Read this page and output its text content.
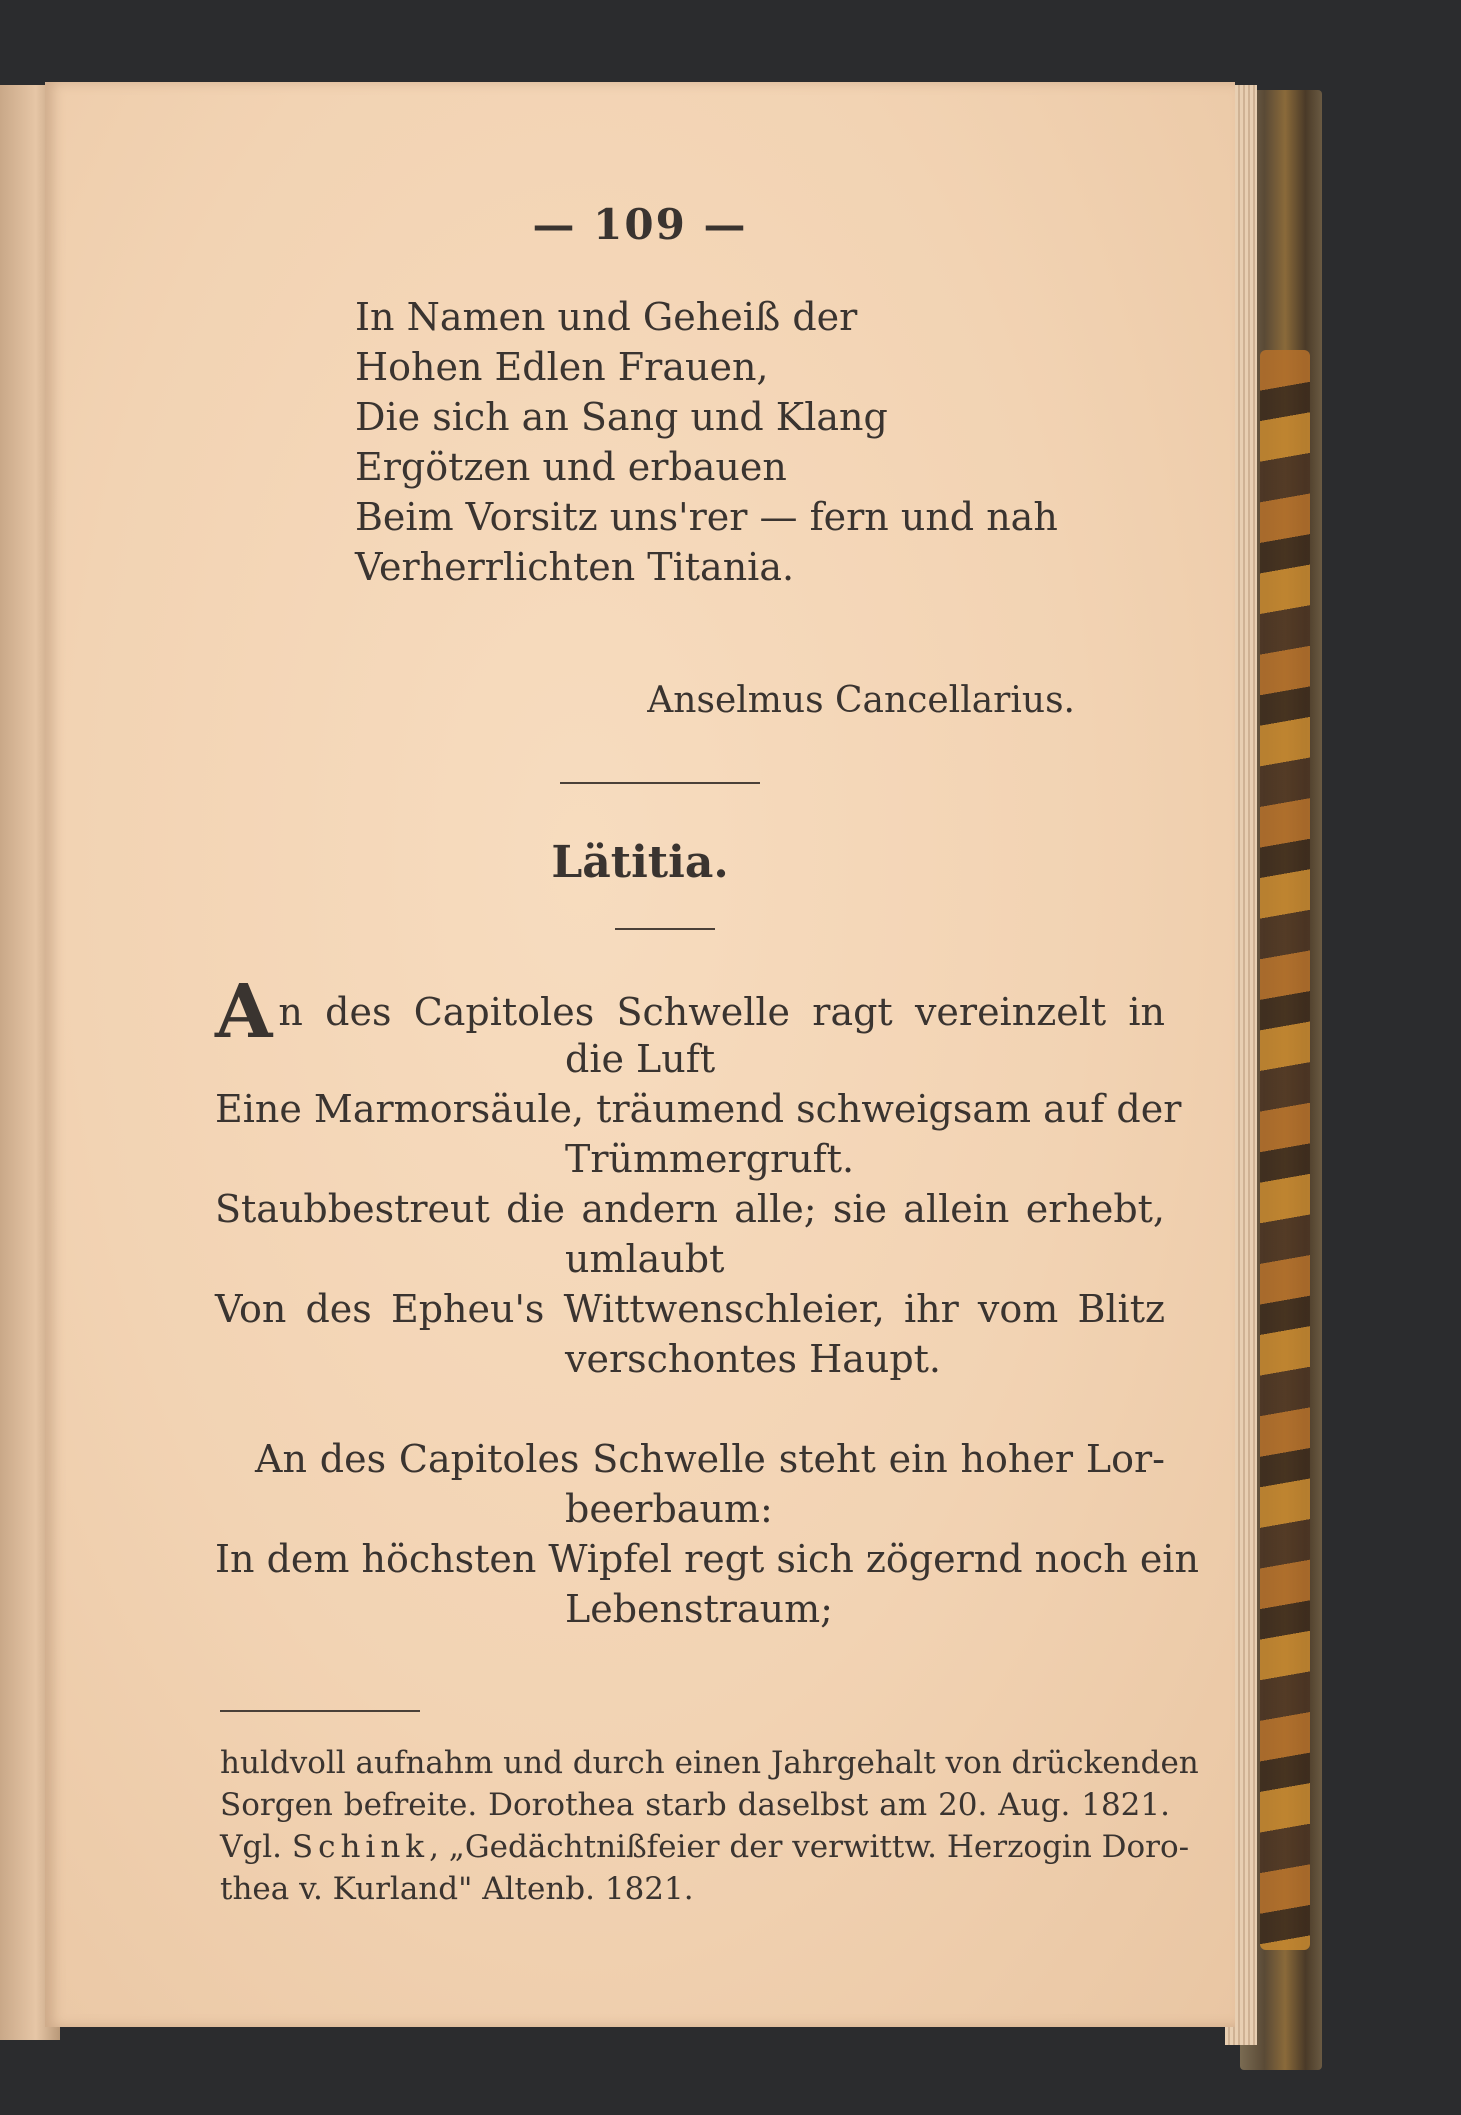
— 109 —
In Namen und Geheiß der
Hohen Edlen Frauen,
Die sich an Sang und Klang
Ergötzen und erbauen
Beim Vorsitz uns'rer — fern und nah
Verherrlichten Titania.
Anselmus Cancellarius.
Lätitia.
An des Capitoles Schwelle ragt vereinzelt in
die Luft
Eine Marmorsäule, träumend schweigsam auf der
Trümmergruft.
Staubbestreut die andern alle; sie allein erhebt,
umlaubt
Von des Epheu's Wittwenschleier, ihr vom Blitz
verschontes Haupt.
An des Capitoles Schwelle steht ein hoher Lor-
beerbaum:
In dem höchsten Wipfel regt sich zögernd noch ein
Lebenstraum;
huldvoll aufnahm und durch einen Jahrgehalt von drückenden
Sorgen befreite. Dorothea starb daselbst am 20. Aug. 1821.
Vgl. Schink, „Gedächtnißfeier der verwittw. Herzogin Doro-
thea v. Kurland" Altenb. 1821.
